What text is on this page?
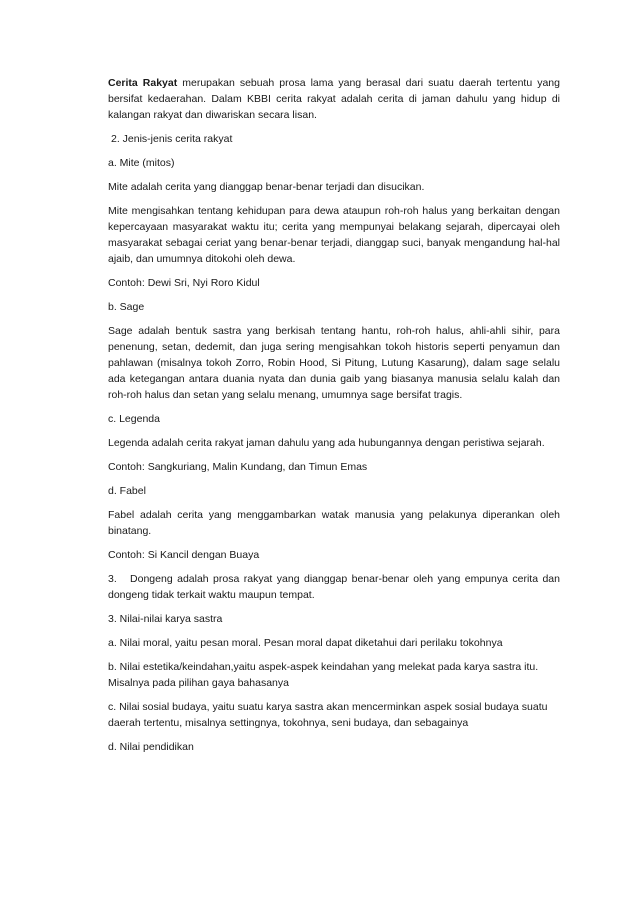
Cerita Rakyat merupakan sebuah prosa lama yang berasal dari suatu daerah tertentu yang bersifat kedaerahan. Dalam KBBI cerita rakyat adalah cerita di jaman dahulu yang hidup di kalangan rakyat dan diwariskan secara lisan.

2. Jenis-jenis cerita rakyat

a. Mite (mitos)

Mite adalah cerita yang dianggap benar-benar terjadi dan disucikan.

Mite mengisahkan tentang kehidupan para dewa ataupun roh-roh halus yang berkaitan dengan kepercayaan masyarakat waktu itu; cerita yang mempunyai belakang sejarah, dipercayai oleh masyarakat sebagai ceriat yang benar-benar terjadi, dianggap suci, banyak mengandung hal-hal ajaib, dan umumnya ditokohi oleh dewa.

Contoh: Dewi Sri, Nyi Roro Kidul

b. Sage

Sage adalah bentuk sastra yang berkisah tentang hantu, roh-roh halus, ahli-ahli sihir, para penenung, setan, dedemit, dan juga sering mengisahkan tokoh historis seperti penyamun dan pahlawan (misalnya tokoh Zorro, Robin Hood, Si Pitung, Lutung Kasarung), dalam sage selalu ada ketegangan antara duania nyata dan dunia gaib yang biasanya manusia selalu kalah dan roh-roh halus dan setan yang selalu menang, umumnya sage bersifat tragis.

c. Legenda

Legenda adalah cerita rakyat jaman dahulu yang ada hubungannya dengan peristiwa sejarah.

Contoh: Sangkuriang, Malin Kundang, dan Timun Emas

d. Fabel

Fabel adalah cerita yang menggambarkan watak manusia yang pelakunya diperankan oleh binatang.

Contoh: Si Kancil dengan Buaya

3.   Dongeng adalah prosa rakyat yang dianggap benar-benar oleh yang empunya cerita dan dongeng tidak terkait waktu maupun tempat.

3. Nilai-nilai karya sastra

a. Nilai moral, yaitu pesan moral. Pesan moral dapat diketahui dari perilaku tokohnya

b. Nilai estetika/keindahan,yaitu aspek-aspek keindahan yang melekat pada karya sastra itu. Misalnya pada pilihan gaya bahasanya

c. Nilai sosial budaya, yaitu suatu karya sastra akan mencerminkan aspek sosial budaya suatu daerah tertentu, misalnya settingnya, tokohnya, seni budaya, dan sebagainya

d. Nilai pendidikan
